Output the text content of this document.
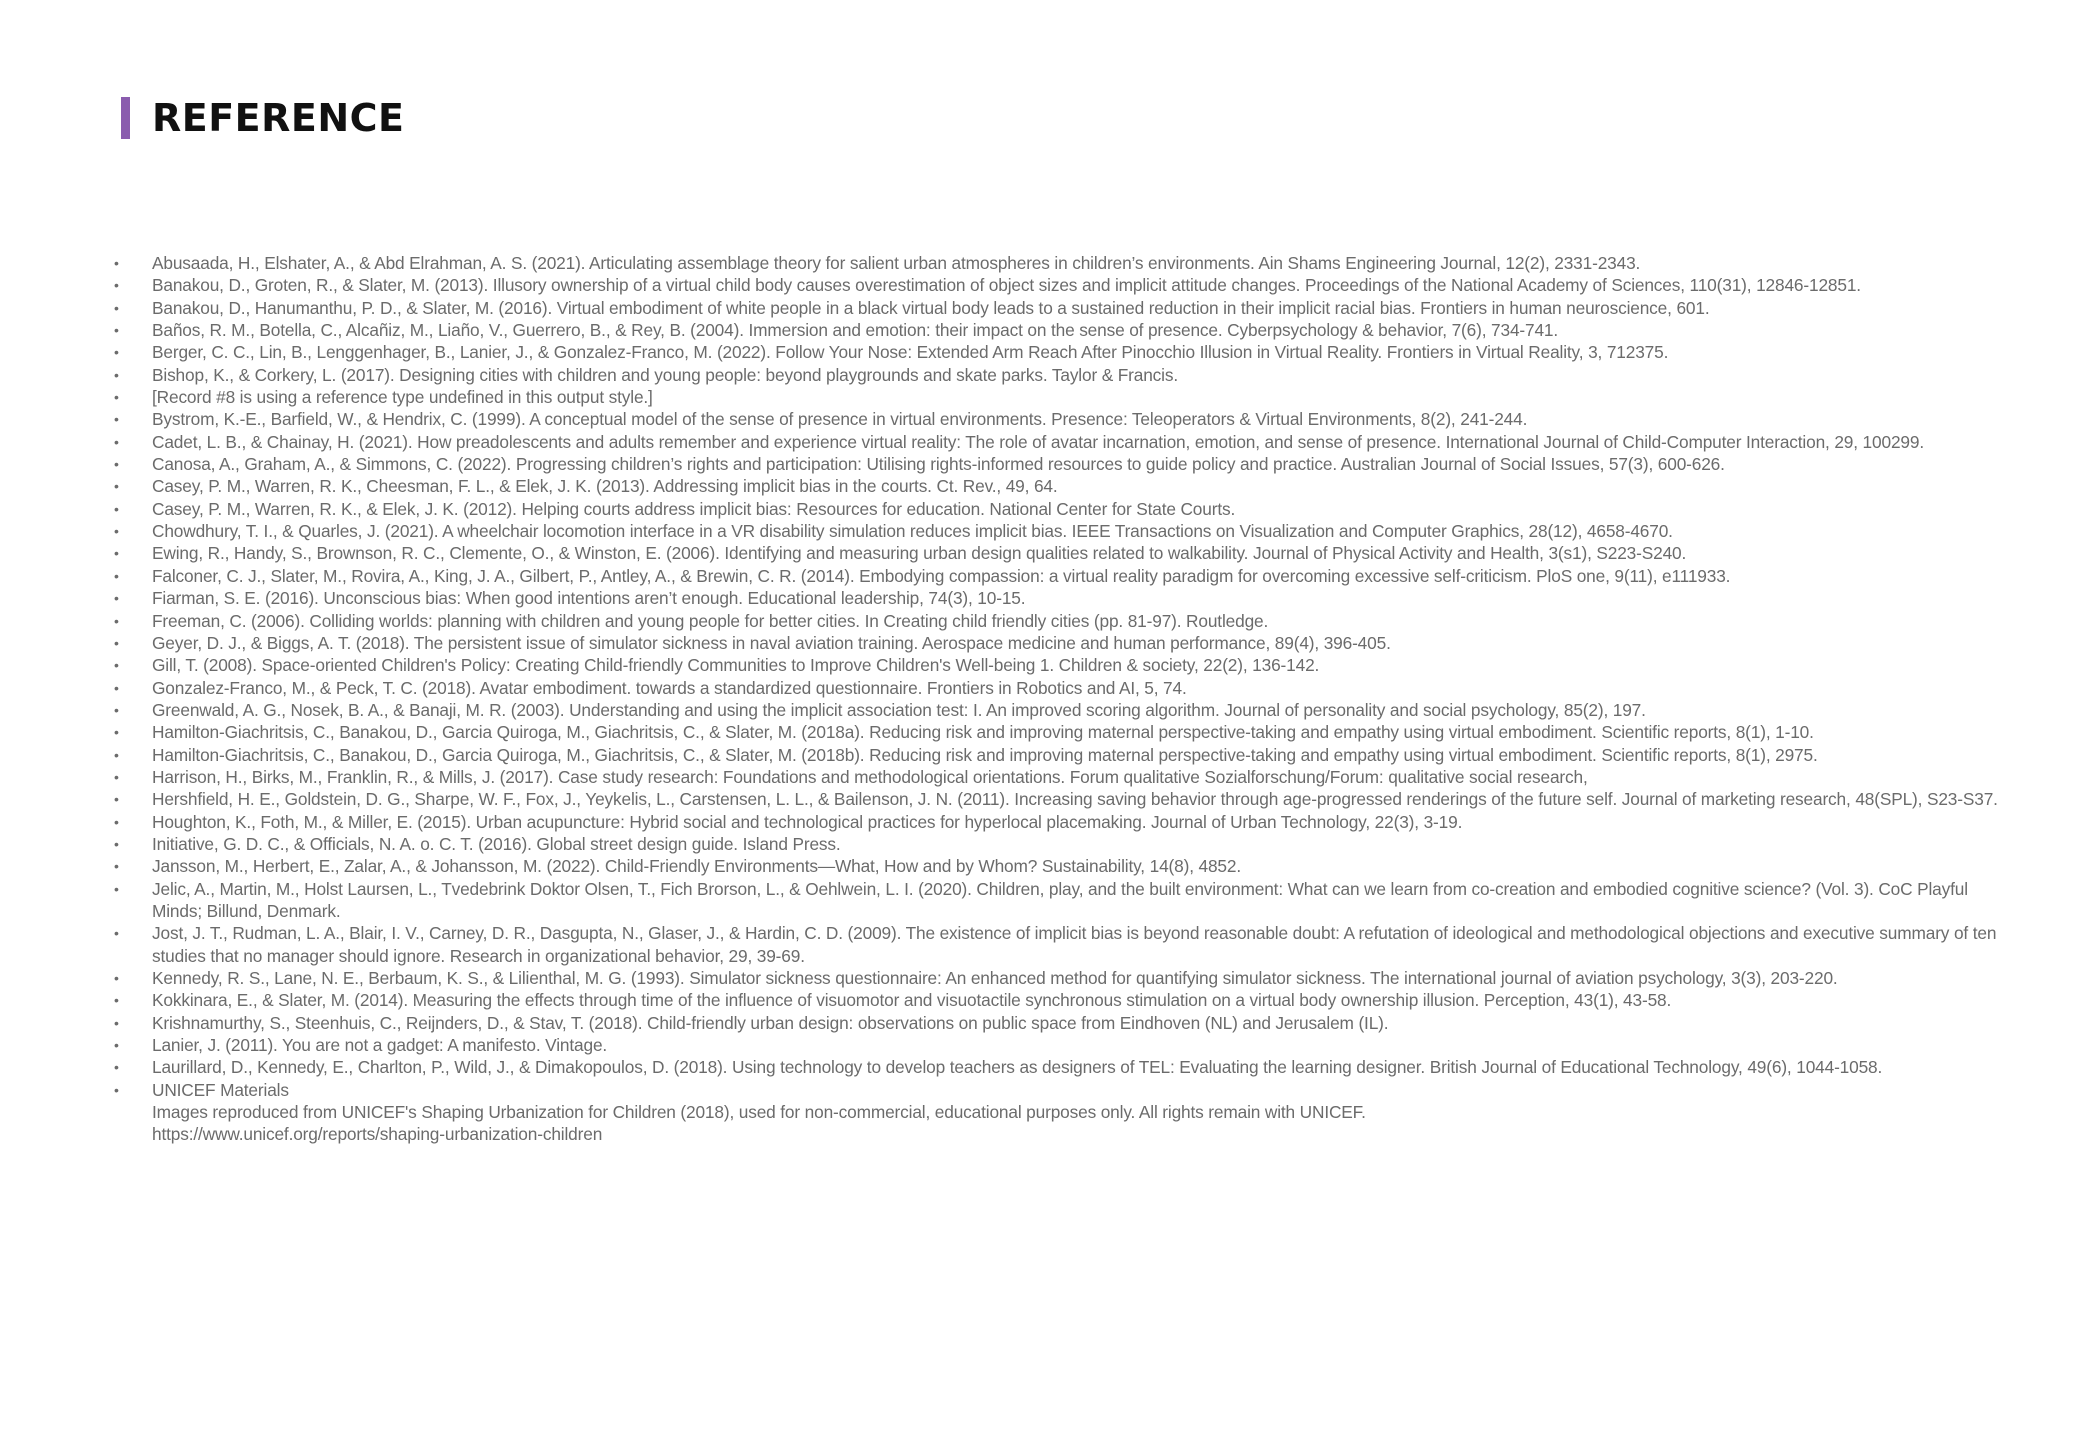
REFERENCE
• Abusaada, H., Elshater, A., & Abd Elrahman, A. S. (2021). Articulating assemblage theory for salient urban atmospheres in children’s environments. Ain Shams Engineering Journal, 12(2), 2331-2343.
• Banakou, D., Groten, R., & Slater, M. (2013). Illusory ownership of a virtual child body causes overestimation of object sizes and implicit attitude changes. Proceedings of the National Academy of Sciences, 110(31), 12846-12851.
• Banakou, D., Hanumanthu, P. D., & Slater, M. (2016). Virtual embodiment of white people in a black virtual body leads to a sustained reduction in their implicit racial bias. Frontiers in human neuroscience, 601.
• Baños, R. M., Botella, C., Alcañiz, M., Liaño, V., Guerrero, B., & Rey, B. (2004). Immersion and emotion: their impact on the sense of presence. Cyberpsychology & behavior, 7(6), 734-741.
• Berger, C. C., Lin, B., Lenggenhager, B., Lanier, J., & Gonzalez-Franco, M. (2022). Follow Your Nose: Extended Arm Reach After Pinocchio Illusion in Virtual Reality. Frontiers in Virtual Reality, 3, 712375.
• Bishop, K., & Corkery, L. (2017). Designing cities with children and young people: beyond playgrounds and skate parks. Taylor & Francis.
• [Record #8 is using a reference type undefined in this output style.]
• Bystrom, K.-E., Barfield, W., & Hendrix, C. (1999). A conceptual model of the sense of presence in virtual environments. Presence: Teleoperators & Virtual Environments, 8(2), 241-244.
• Cadet, L. B., & Chainay, H. (2021). How preadolescents and adults remember and experience virtual reality: The role of avatar incarnation, emotion, and sense of presence. International Journal of Child-Computer Interaction, 29, 100299.
• Canosa, A., Graham, A., & Simmons, C. (2022). Progressing children’s rights and participation: Utilising rights-informed resources to guide policy and practice. Australian Journal of Social Issues, 57(3), 600-626.
• Casey, P. M., Warren, R. K., Cheesman, F. L., & Elek, J. K. (2013). Addressing implicit bias in the courts. Ct. Rev., 49, 64.
• Casey, P. M., Warren, R. K., & Elek, J. K. (2012). Helping courts address implicit bias: Resources for education. National Center for State Courts.
• Chowdhury, T. I., & Quarles, J. (2021). A wheelchair locomotion interface in a VR disability simulation reduces implicit bias. IEEE Transactions on Visualization and Computer Graphics, 28(12), 4658-4670.
• Ewing, R., Handy, S., Brownson, R. C., Clemente, O., & Winston, E. (2006). Identifying and measuring urban design qualities related to walkability. Journal of Physical Activity and Health, 3(s1), S223-S240.
• Falconer, C. J., Slater, M., Rovira, A., King, J. A., Gilbert, P., Antley, A., & Brewin, C. R. (2014). Embodying compassion: a virtual reality paradigm for overcoming excessive self-criticism. PloS one, 9(11), e111933.
• Fiarman, S. E. (2016). Unconscious bias: When good intentions aren’t enough. Educational leadership, 74(3), 10-15.
• Freeman, C. (2006). Colliding worlds: planning with children and young people for better cities. In Creating child friendly cities (pp. 81-97). Routledge.
• Geyer, D. J., & Biggs, A. T. (2018). The persistent issue of simulator sickness in naval aviation training. Aerospace medicine and human performance, 89(4), 396-405.
• Gill, T. (2008). Space-oriented Children's Policy: Creating Child-friendly Communities to Improve Children's Well-being 1. Children & society, 22(2), 136-142.
• Gonzalez-Franco, M., & Peck, T. C. (2018). Avatar embodiment. towards a standardized questionnaire. Frontiers in Robotics and AI, 5, 74.
• Greenwald, A. G., Nosek, B. A., & Banaji, M. R. (2003). Understanding and using the implicit association test: I. An improved scoring algorithm. Journal of personality and social psychology, 85(2), 197.
• Hamilton-Giachritsis, C., Banakou, D., Garcia Quiroga, M., Giachritsis, C., & Slater, M. (2018a). Reducing risk and improving maternal perspective-taking and empathy using virtual embodiment. Scientific reports, 8(1), 1-10.
• Hamilton-Giachritsis, C., Banakou, D., Garcia Quiroga, M., Giachritsis, C., & Slater, M. (2018b). Reducing risk and improving maternal perspective-taking and empathy using virtual embodiment. Scientific reports, 8(1), 2975.
• Harrison, H., Birks, M., Franklin, R., & Mills, J. (2017). Case study research: Foundations and methodological orientations. Forum qualitative Sozialforschung/Forum: qualitative social research,
• Hershfield, H. E., Goldstein, D. G., Sharpe, W. F., Fox, J., Yeykelis, L., Carstensen, L. L., & Bailenson, J. N. (2011). Increasing saving behavior through age-progressed renderings of the future self. Journal of marketing research, 48(SPL), S23-S37.
• Houghton, K., Foth, M., & Miller, E. (2015). Urban acupuncture: Hybrid social and technological practices for hyperlocal placemaking. Journal of Urban Technology, 22(3), 3-19.
• Initiative, G. D. C., & Officials, N. A. o. C. T. (2016). Global street design guide. Island Press.
• Jansson, M., Herbert, E., Zalar, A., & Johansson, M. (2022). Child-Friendly Environments—What, How and by Whom? Sustainability, 14(8), 4852.
• Jelic, A., Martin, M., Holst Laursen, L., Tvedebrink Doktor Olsen, T., Fich Brorson, L., & Oehlwein, L. I. (2020). Children, play, and the built environment: What can we learn from co-creation and embodied cognitive science? (Vol. 3). CoC Playful Minds; Billund, Denmark.
• Jost, J. T., Rudman, L. A., Blair, I. V., Carney, D. R., Dasgupta, N., Glaser, J., & Hardin, C. D. (2009). The existence of implicit bias is beyond reasonable doubt: A refutation of ideological and methodological objections and executive summary of ten studies that no manager should ignore. Research in organizational behavior, 29, 39-69.
• Kennedy, R. S., Lane, N. E., Berbaum, K. S., & Lilienthal, M. G. (1993). Simulator sickness questionnaire: An enhanced method for quantifying simulator sickness. The international journal of aviation psychology, 3(3), 203-220.
• Kokkinara, E., & Slater, M. (2014). Measuring the effects through time of the influence of visuomotor and visuotactile synchronous stimulation on a virtual body ownership illusion. Perception, 43(1), 43-58.
• Krishnamurthy, S., Steenhuis, C., Reijnders, D., & Stav, T. (2018). Child-friendly urban design: observations on public space from Eindhoven (NL) and Jerusalem (IL).
• Lanier, J. (2011). You are not a gadget: A manifesto. Vintage.
• Laurillard, D., Kennedy, E., Charlton, P., Wild, J., & Dimakopoulos, D. (2018). Using technology to develop teachers as designers of TEL: Evaluating the learning designer. British Journal of Educational Technology, 49(6), 1044-1058.
• UNICEF Materials
Images reproduced from UNICEF's Shaping Urbanization for Children (2018), used for non-commercial, educational purposes only. All rights remain with UNICEF.
https://www.unicef.org/reports/shaping-urbanization-children
